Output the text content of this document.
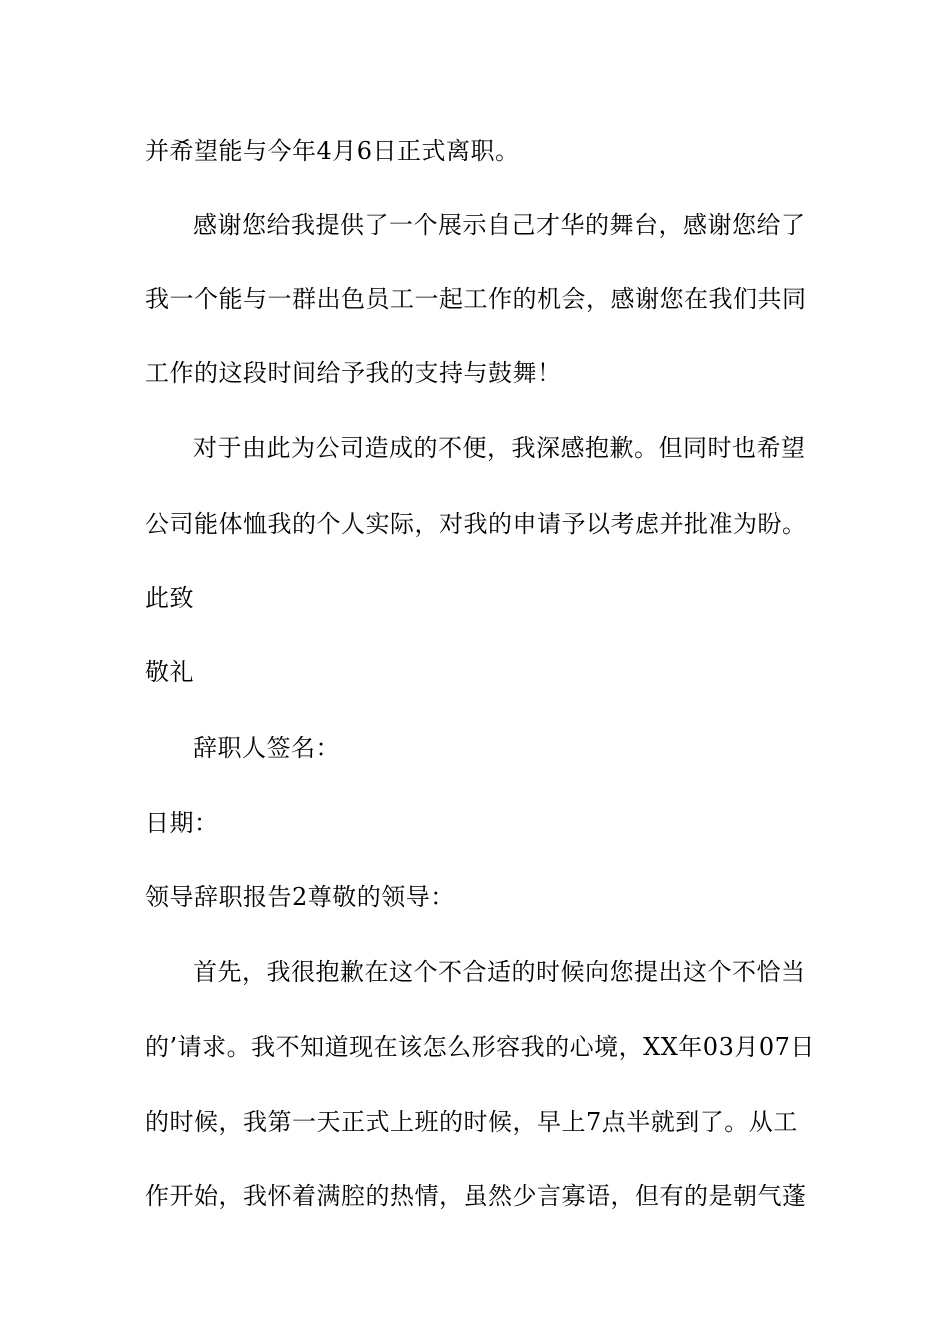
并希望能与今年4月6日正式离职。
感谢您给我提供了一个展示自己才华的舞台，感谢您给了
我一个能与一群出色员工一起工作的机会，感谢您在我们共同
工作的这段时间给予我的支持与鼓舞！
对于由此为公司造成的不便，我深感抱歉。但同时也希望
公司能体恤我的个人实际，对我的申请予以考虑并批准为盼。
此致
敬礼
辞职人签名：
日期：
领导辞职报告2尊敬的领导：
首先，我很抱歉在这个不合适的时候向您提出这个不恰当
的’请求。我不知道现在该怎么形容我的心境，XX年03月07日
的时候，我第一天正式上班的时候，早上7点半就到了。从工
作开始，我怀着满腔的热情，虽然少言寡语，但有的是朝气蓬
